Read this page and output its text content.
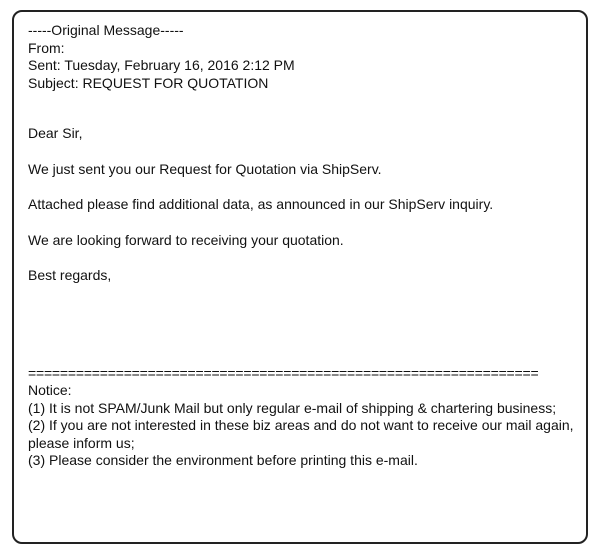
-----Original Message-----
From:
Sent: Tuesday, February 16, 2016 2:12 PM
Subject: REQUEST FOR QUOTATION
Dear Sir,
We just sent you our Request for Quotation via ShipServ.
Attached please find additional data, as announced in our ShipServ inquiry.
We are looking forward to receiving your quotation.
Best regards,
================================================================
Notice:
(1) It is not SPAM/Junk Mail but only regular e-mail of shipping & chartering business;
(2) If you are not interested in these biz areas and do not want to receive our mail again, please inform us;
(3) Please consider the environment before printing this e-mail.
